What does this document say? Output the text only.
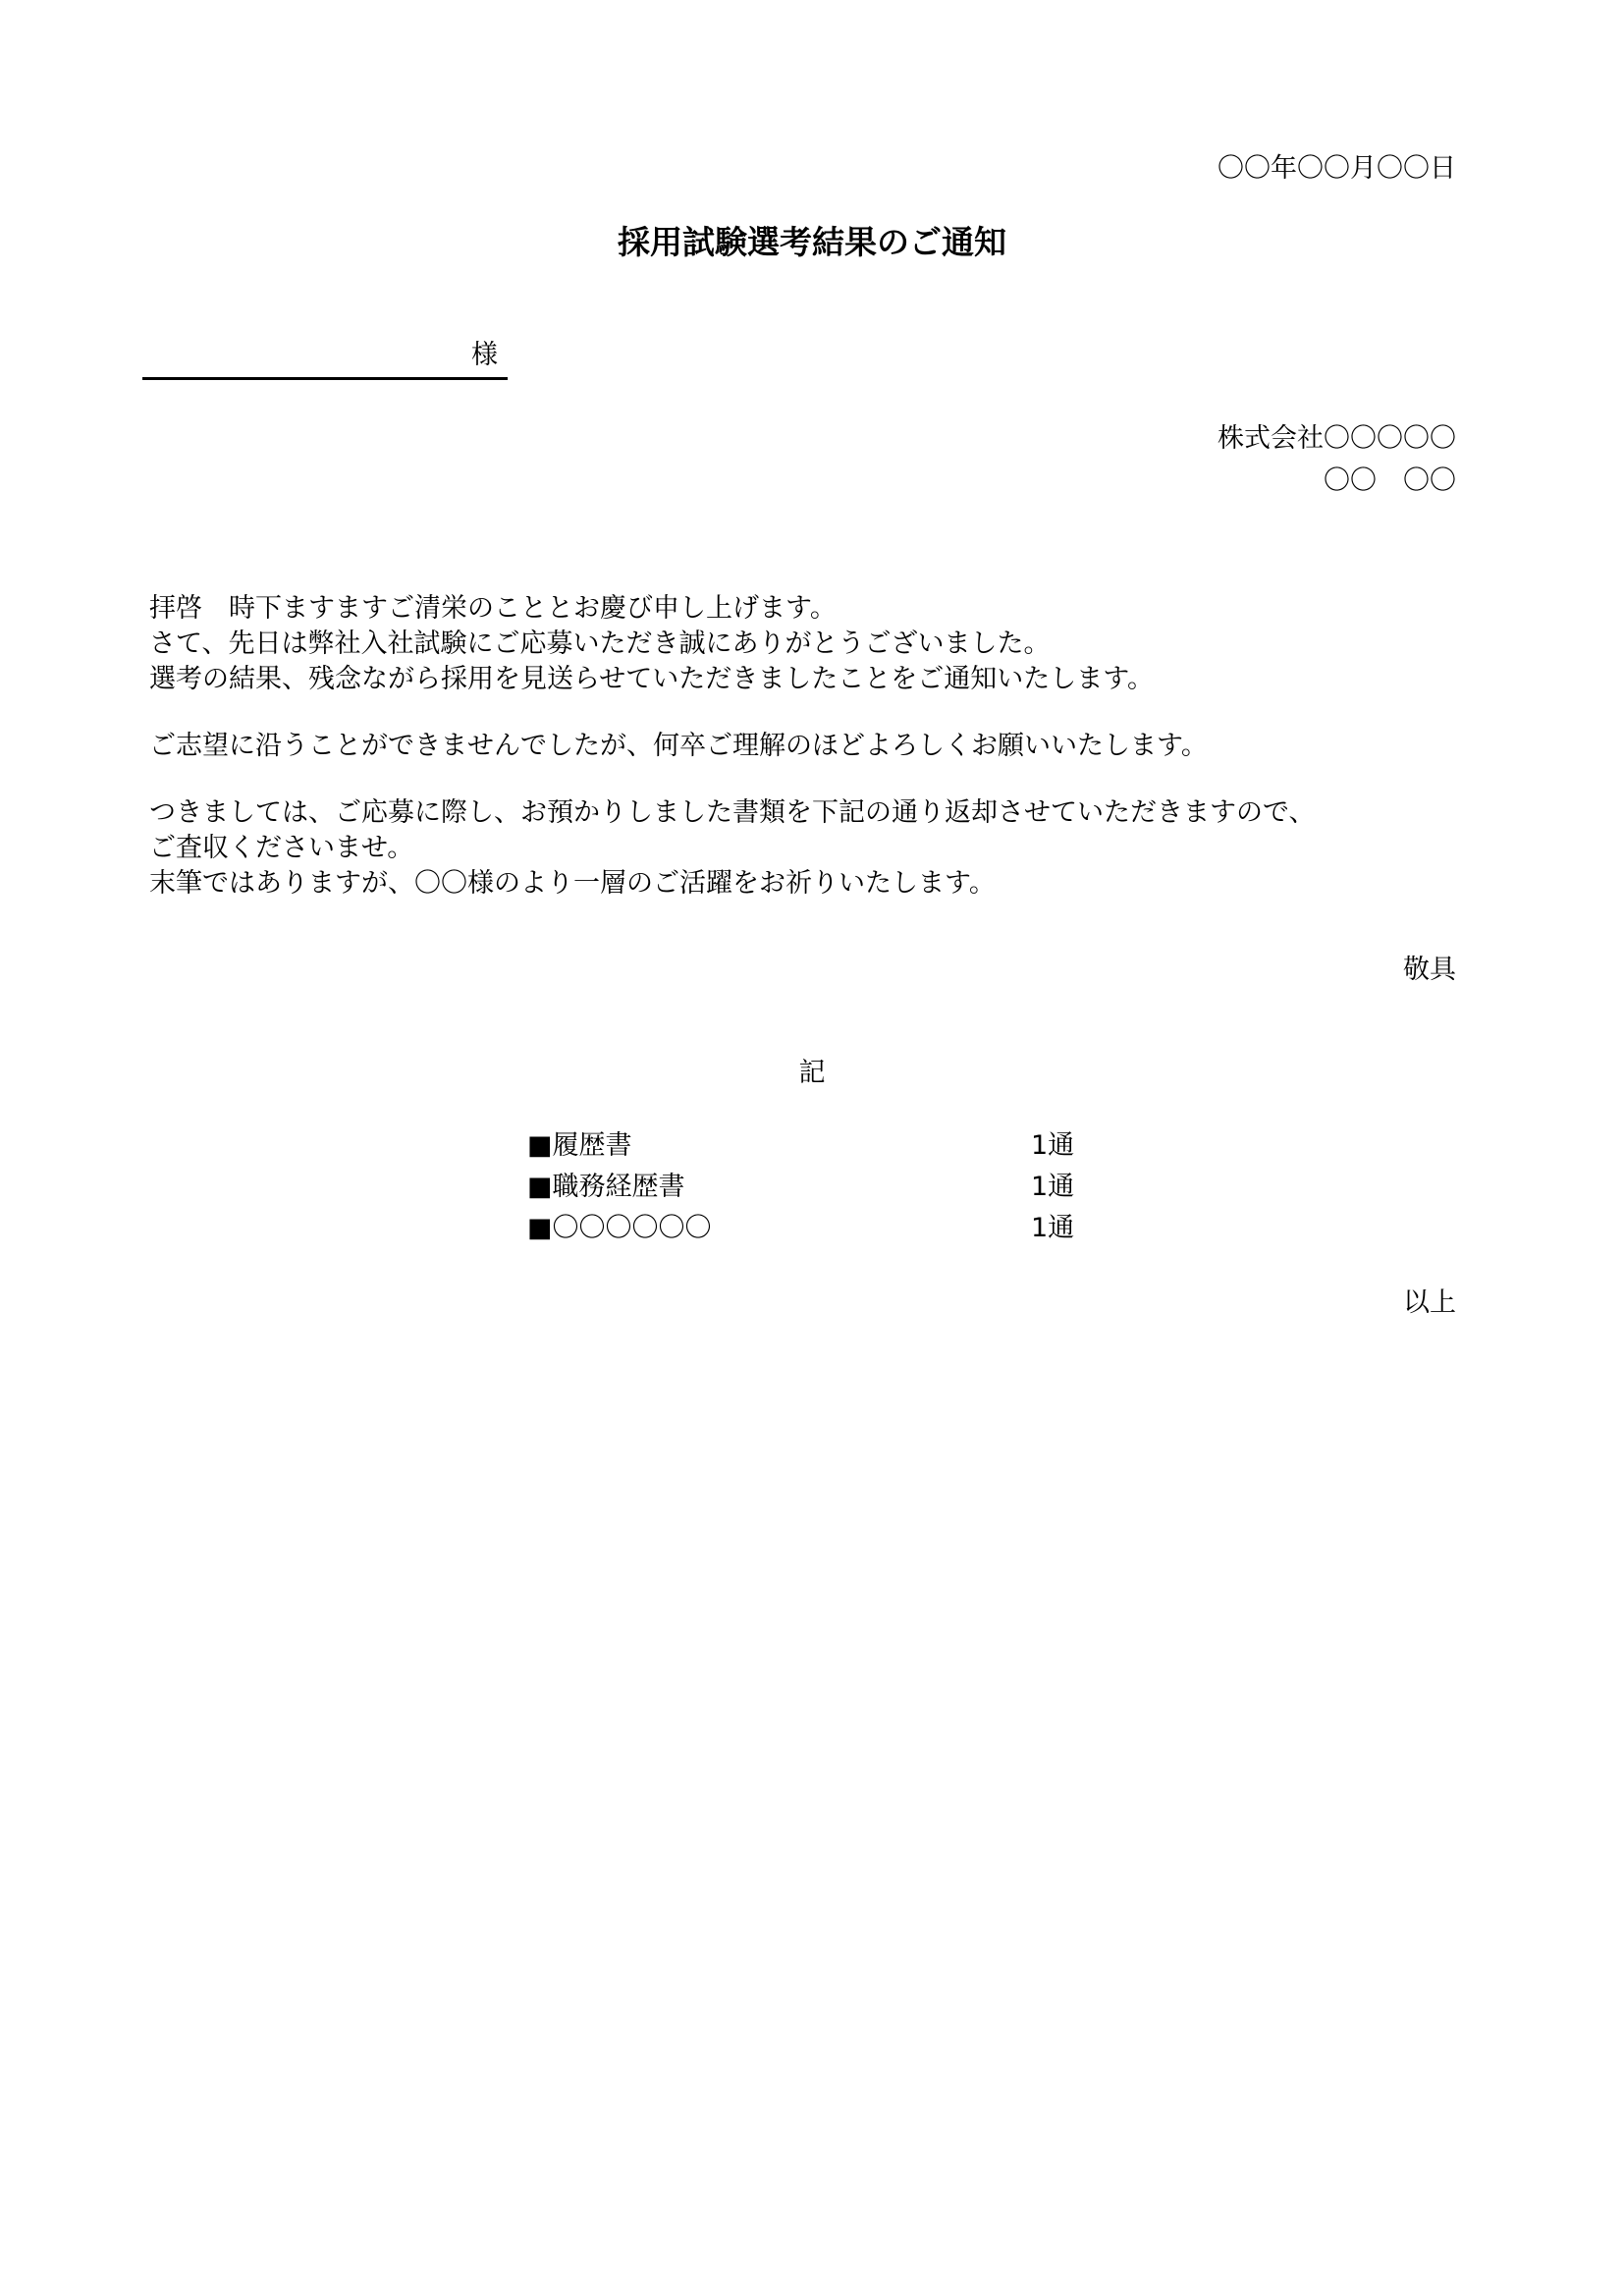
〇〇年〇〇月〇〇日
採用試験選考結果のご通知
様
株式会社〇〇〇〇〇
〇〇　〇〇

拝啓　時下ますますご清栄のこととお慶び申し上げます。

さて、先日は弊社入社試験にご応募いただき誠にありがとうございました。

選考の結果、残念ながら採用を見送らせていただきましたことをご通知いたします。

ご志望に沿うことができませんでしたが、何卒ご理解のほどよろしくお願いいたします。

つきましては、ご応募に際し、お預かりしました書類を下記の通り返却させていただきますので、

ご査収くださいませ。

末筆ではありますが、〇〇様のより一層のご活躍をお祈りいたします。

敬具
記
■履歴書	1通
■職務経歴書	1通
■〇〇〇〇〇〇	1通
以上
